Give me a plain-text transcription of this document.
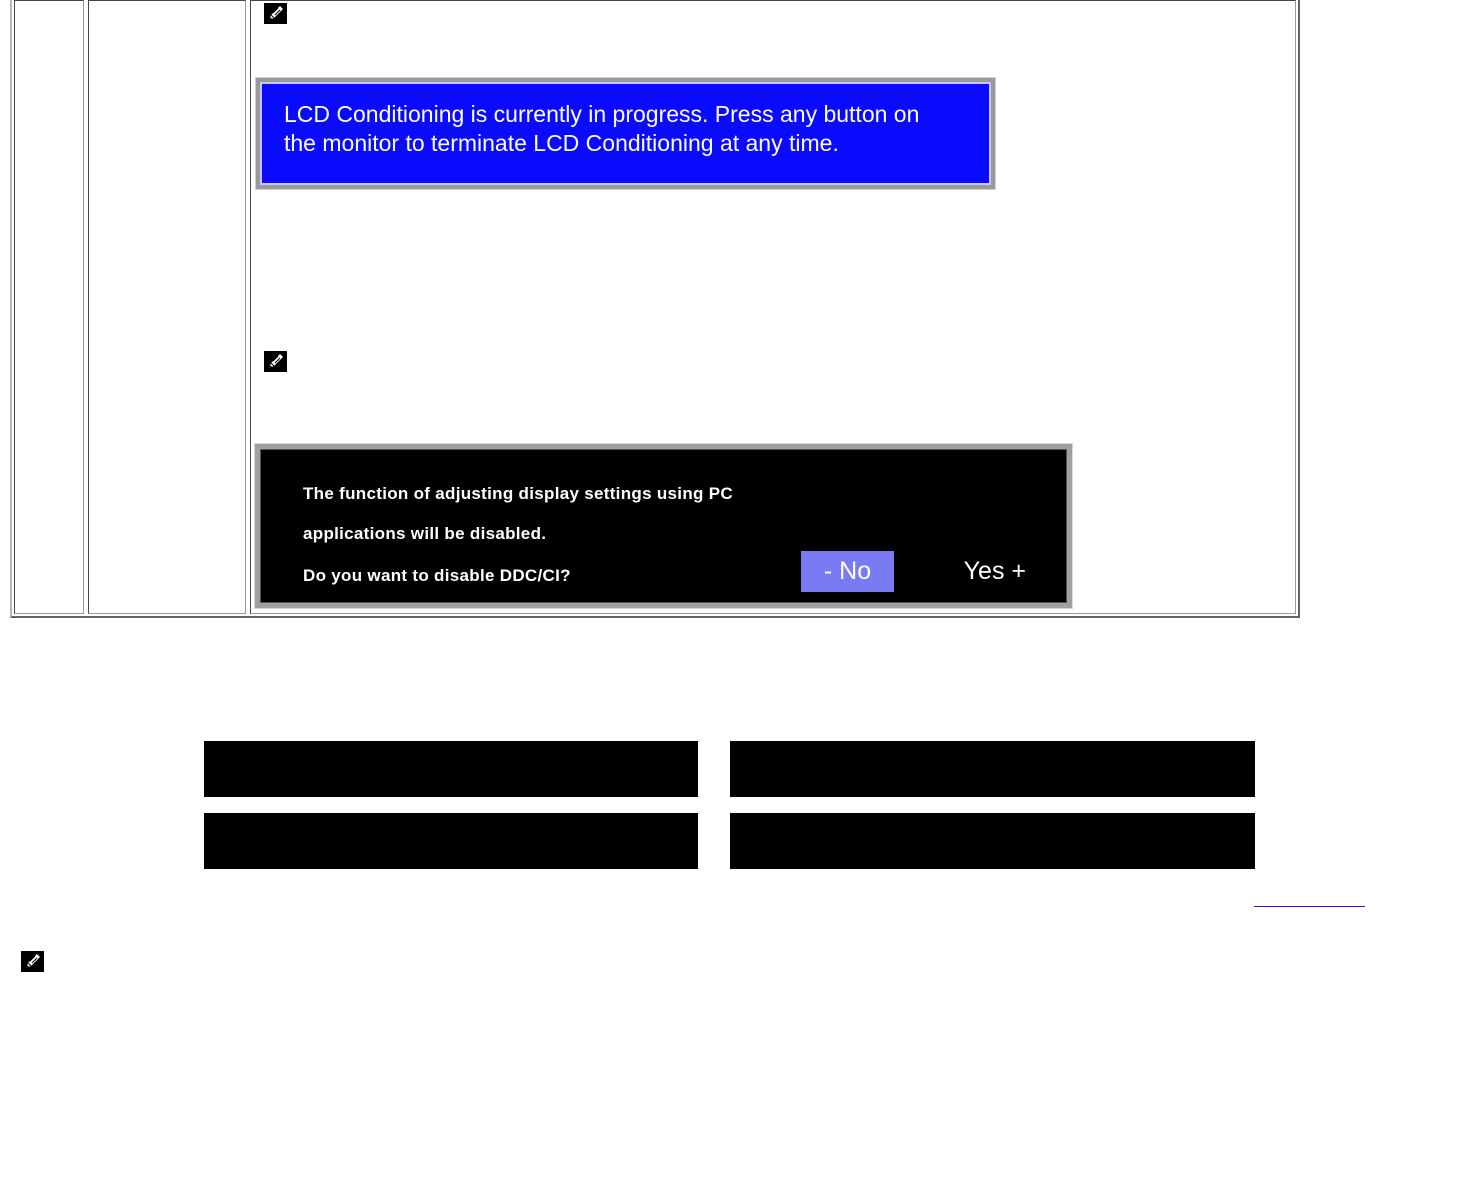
LCD Conditioning is currently in progress. Press any button on
the monitor to terminate LCD Conditioning at any time.
The function of adjusting display settings using PC
applications will be disabled.
Do you want to disable DDC/CI?	- No	Yes +
